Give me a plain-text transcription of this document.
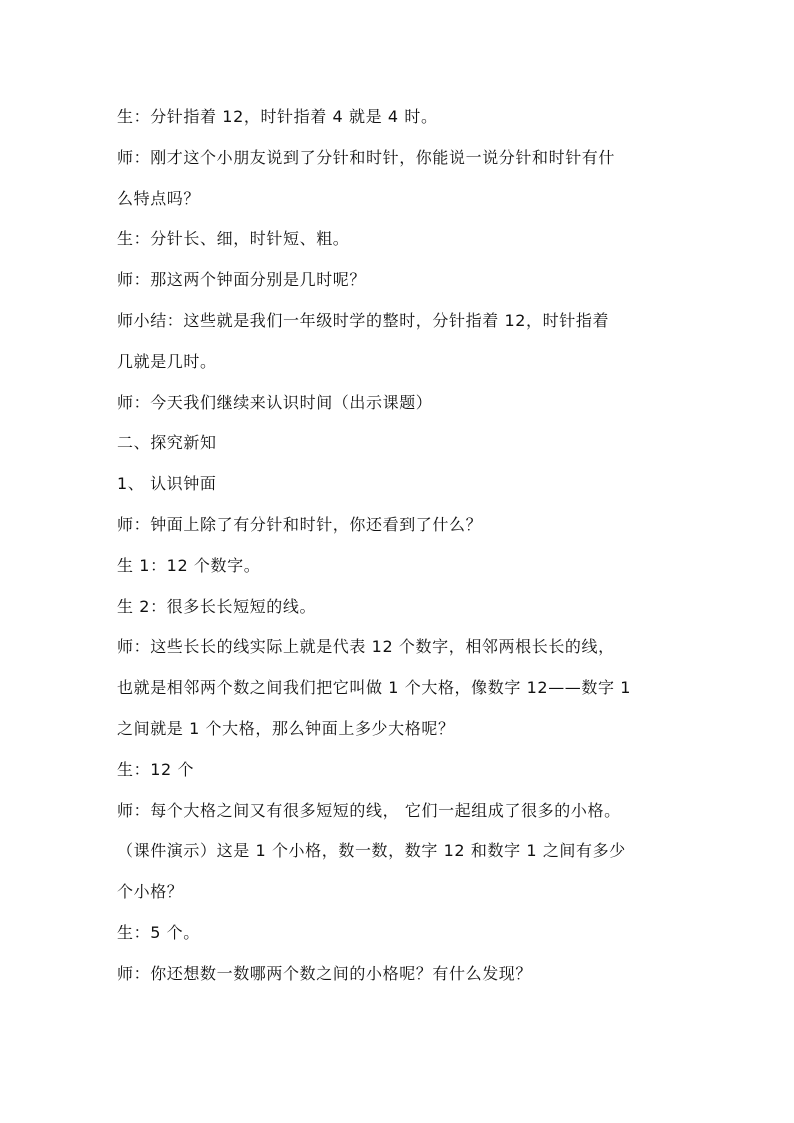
生：分针指着 12，时针指着 4 就是 4 时。
师：刚才这个小朋友说到了分针和时针，你能说一说分针和时针有什
么特点吗？
生：分针长、细，时针短、粗。
师：那这两个钟面分别是几时呢？
师小结：这些就是我们一年级时学的整时，分针指着 12，时针指着
几就是几时。
师：今天我们继续来认识时间（出示课题）
二、探究新知
1、 认识钟面
师：钟面上除了有分针和时针，你还看到了什么？
生 1：12 个数字。
生 2：很多长长短短的线。
师：这些长长的线实际上就是代表 12 个数字，相邻两根长长的线，
也就是相邻两个数之间我们把它叫做 1 个大格，像数字 12——数字 1
之间就是 1 个大格，那么钟面上多少大格呢？
生：12 个
师：每个大格之间又有很多短短的线， 它们一起组成了很多的小格。
（课件演示）这是 1 个小格，数一数，数字 12 和数字 1 之间有多少
个小格？
生：5 个。
师：你还想数一数哪两个数之间的小格呢？有什么发现？
